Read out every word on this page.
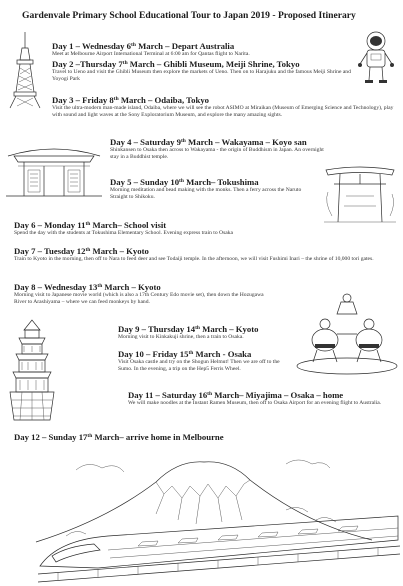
Gardenvale Primary School Educational Tour to Japan 2019 - Proposed Itinerary
Day 1 – Wednesday 6th March – Depart Australia
Meet at Melbourne Airport International Terminal at 6:00 am for Qantas flight to Narita.
Day 2 –Thursday 7th March – Ghibli Museum, Meiji Shrine, Tokyo
Travel to Ueno and visit the Ghibli Museum then explore the markets of Ueno. Then on to Harajuku and the famous Meiji Shrine and Yoyogi Park
Day 3 – Friday 8th March – Odaiba, Tokyo
Visit the ultra-modern man-made island, Odaiba, where we will see the robot ASIMO at Miraikan (Museum of Emerging Science and Technology), play with sound and light waves at the Sony Exploratorium Museum, and explore the many amazing sights.
Day 4 – Saturday 9th March – Wakayama – Koyo san
Shinkansen to Osaka then across to Wakayama - the origin of Buddhism in Japan. An overnight stay in a Buddhist temple.
Day 5 – Sunday 10th March– Tokushima
Morning meditation and bead making with the monks. Then a ferry across the Naruto Straight to Shikoku.
Day 6 – Monday 11th March– School visit
Spend the day with the students at Tokushima Elementary School. Evening express train to Osaka
Day 7 – Tuesday 12th March – Kyoto
Train to Kyoto in the morning, then off to Nara to feed deer and see Todaiji temple. In the afternoon, we will visit Fushimi Inari – the shrine of 10,000 tori gates.
Day 8 – Wednesday 13th March – Kyoto
Morning visit to Japanese movie world (which is also a 17th Century Edo movie set), then down the Hozugawa River to Arashiyama – where we can feed monkeys by hand.
Day 9 – Thursday 14th March – Kyoto
Morning visit to Kinkakuji shrine, then a train to Osaka.
Day 10 – Friday 15th March - Osaka
Visit Osaka castle and try on the Shogun Helmut! Then we are off to the Sumo. In the evening, a trip on the Hep5 Ferris Wheel.
Day 11 – Saturday 16th March– Miyajima – Osaka – home
We will make noodles at the Instant Ramen Museum, then off to Osaka Airport for an evening flight to Australia.
Day 12 – Sunday 17th March– arrive home in Melbourne
